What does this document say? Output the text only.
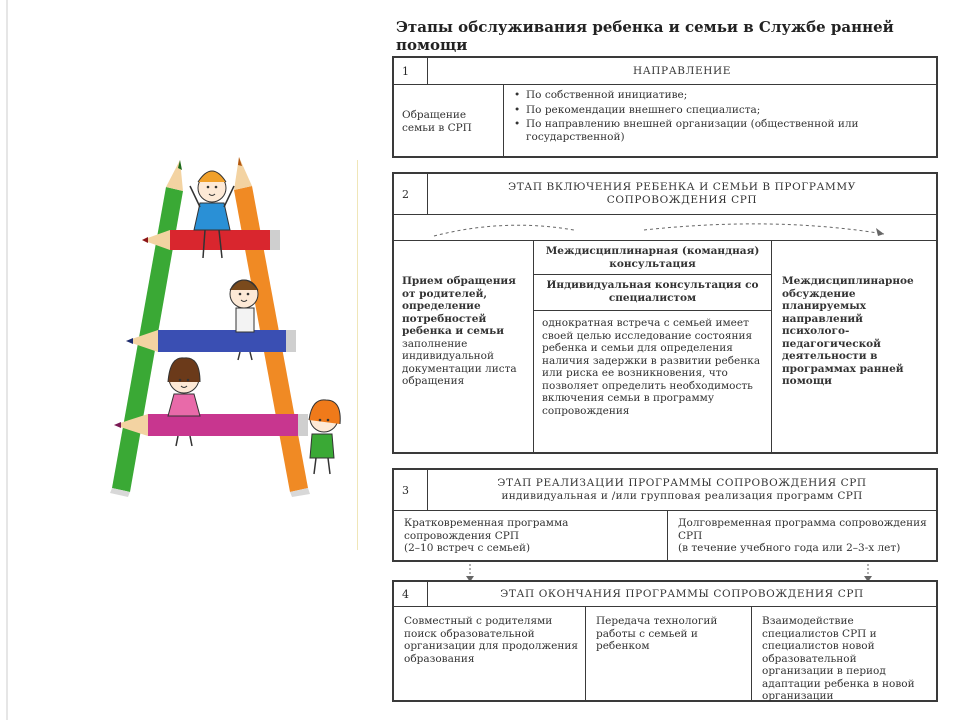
Этапы обслуживания ребенка и семьи в Службе ранней помощи
1	НАПРАВЛЕНИЕ
Обращение семьи в СРП
• По собственной инициативе;
• По рекомендации внешнего специалиста;
• По направлению внешней организации (общественной или государственной)
2
ЭТАП ВКЛЮЧЕНИЯ РЕБЕНКА И СЕМЬИ В ПРОГРАММУ СОПРОВОЖДЕНИЯ СРП
Прием обращения от родителей, определение потребностей ребенка и семьи
заполнение индивидуальной документации листа обращения
Междисциплинарная (командная) консультация
Индивидуальная консультация со специалистом
однократная встреча с семьей имеет своей целью исследование состояния ребенка и семьи для определения наличия задержки в развитии ребенка или риска ее возникновения, что позволяет определить необходимость включения семьи в программу сопровождения
Междисциплинарное обсуждение планируемых направлений психолого-педагогической деятельности в программах ранней помощи
3
ЭТАП РЕАЛИЗАЦИИ ПРОГРАММЫ СОПРОВОЖДЕНИЯ СРП
индивидуальная и /или групповая реализация программ СРП
Кратковременная программа сопровождения СРП
(2–10 встреч с семьей)
Долговременная программа сопровождения СРП
(в течение учебного года или 2–3-х лет)
4	ЭТАП ОКОНЧАНИЯ ПРОГРАММЫ СОПРОВОЖДЕНИЯ СРП
Совместный с родителями поиск образовательной организации для продолжения образования
Передача технологий работы с семьей и ребенком
Взаимодействие специалистов СРП и специалистов новой образовательной организации в период адаптации ребенка в новой организации
